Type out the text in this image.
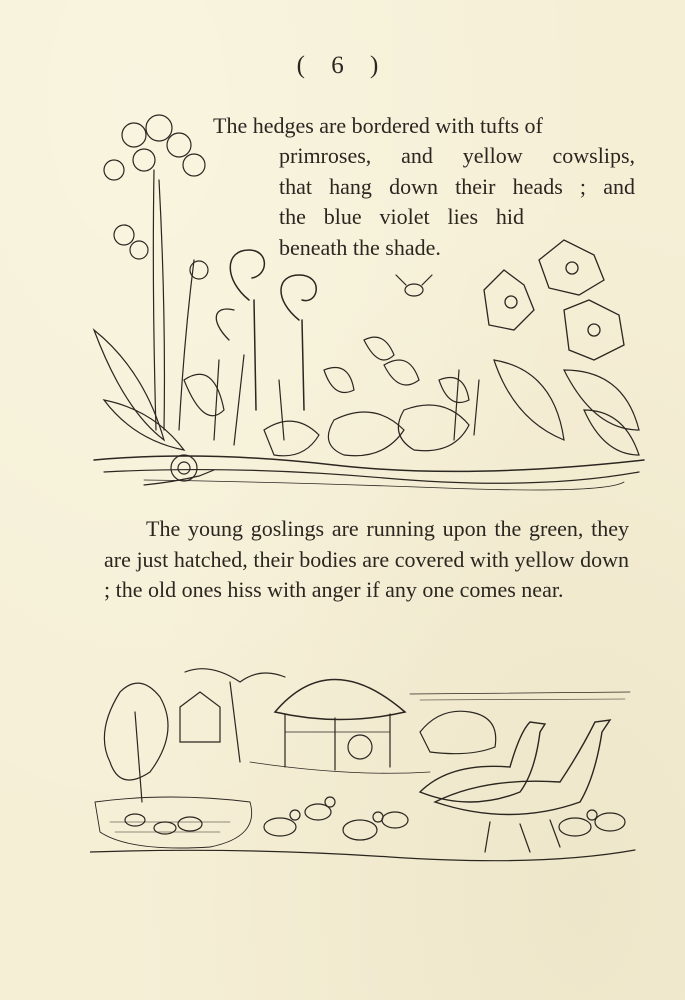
( 6 )
The hedges are bordered with tufts of
primroses, and yellow cowslips,
that hang down their heads ; and
the blue violet lies hid
beneath the shade.
The young goslings are running upon the green, they are just hatched, their bodies are covered with yellow down ; the old ones hiss with anger if any one comes near.
